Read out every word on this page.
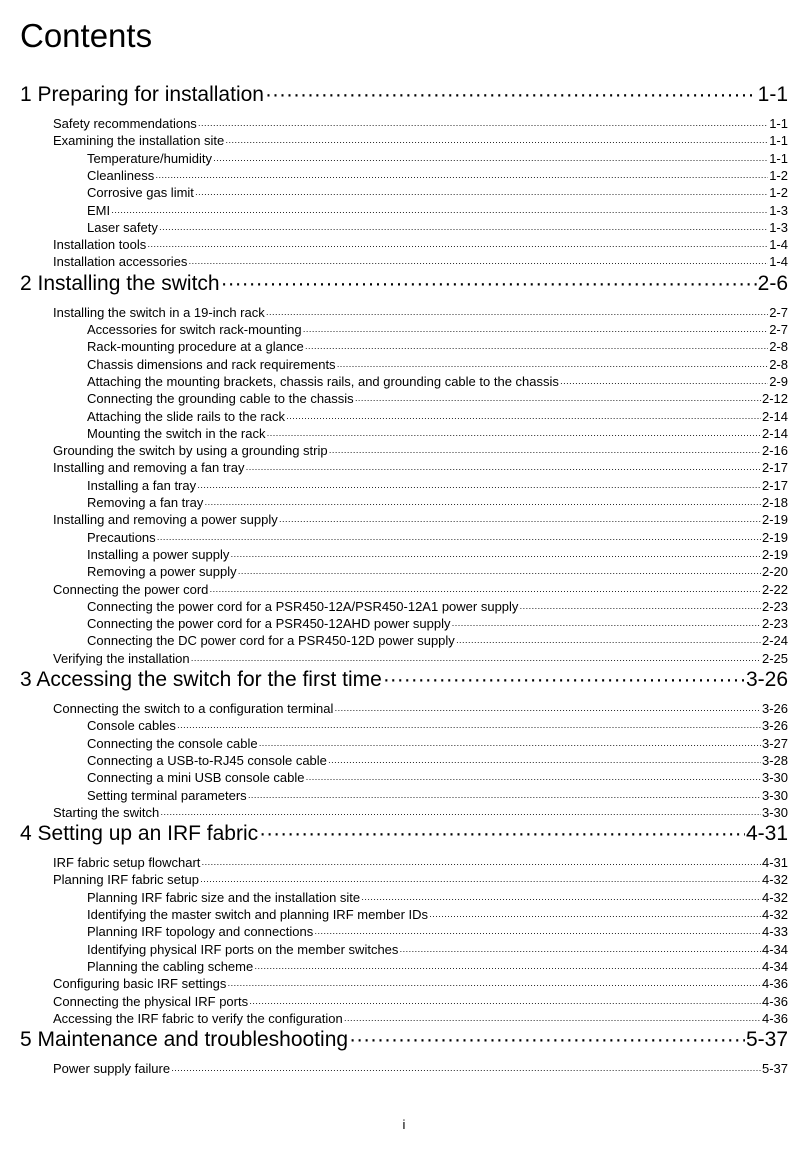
Contents
1 Preparing for installation ·····	1-1
Safety recommendations ·····	1-1
Examining the installation site ·····	1-1
Temperature/humidity ·····	1-1
Cleanliness ·····	1-2
Corrosive gas limit ·····	1-2
EMI ·····	1-3
Laser safety ·····	1-3
Installation tools ·····	1-4
Installation accessories ·····	1-4
2 Installing the switch ·····	2-6
Installing the switch in a 19-inch rack ·····	2-7
Accessories for switch rack-mounting ·····	2-7
Rack-mounting procedure at a glance ·····	2-8
Chassis dimensions and rack requirements ·····	2-8
Attaching the mounting brackets, chassis rails, and grounding cable to the chassis ·····	2-9
Connecting the grounding cable to the chassis ·····	2-12
Attaching the slide rails to the rack ·····	2-14
Mounting the switch in the rack ·····	2-14
Grounding the switch by using a grounding strip ·····	2-16
Installing and removing a fan tray ·····	2-17
Installing a fan tray ·····	2-17
Removing a fan tray ·····	2-18
Installing and removing a power supply ·····	2-19
Precautions ·····	2-19
Installing a power supply ·····	2-19
Removing a power supply ·····	2-20
Connecting the power cord ·····	2-22
Connecting the power cord for a PSR450-12A/PSR450-12A1 power supply ·····	2-23
Connecting the power cord for a PSR450-12AHD power supply ·····	2-23
Connecting the DC power cord for a PSR450-12D power supply ·····	2-24
Verifying the installation ·····	2-25
3 Accessing the switch for the first time ·····	3-26
Connecting the switch to a configuration terminal ·····	3-26
Console cables ·····	3-26
Connecting the console cable ·····	3-27
Connecting a USB-to-RJ45 console cable ·····	3-28
Connecting a mini USB console cable ·····	3-30
Setting terminal parameters ·····	3-30
Starting the switch ·····	3-30
4 Setting up an IRF fabric ·····	4-31
IRF fabric setup flowchart ·····	4-31
Planning IRF fabric setup ·····	4-32
Planning IRF fabric size and the installation site ·····	4-32
Identifying the master switch and planning IRF member IDs ·····	4-32
Planning IRF topology and connections ·····	4-33
Identifying physical IRF ports on the member switches ·····	4-34
Planning the cabling scheme ·····	4-34
Configuring basic IRF settings ·····	4-36
Connecting the physical IRF ports ·····	4-36
Accessing the IRF fabric to verify the configuration ·····	4-36
5 Maintenance and troubleshooting ·····	5-37
Power supply failure ·····	5-37
i
